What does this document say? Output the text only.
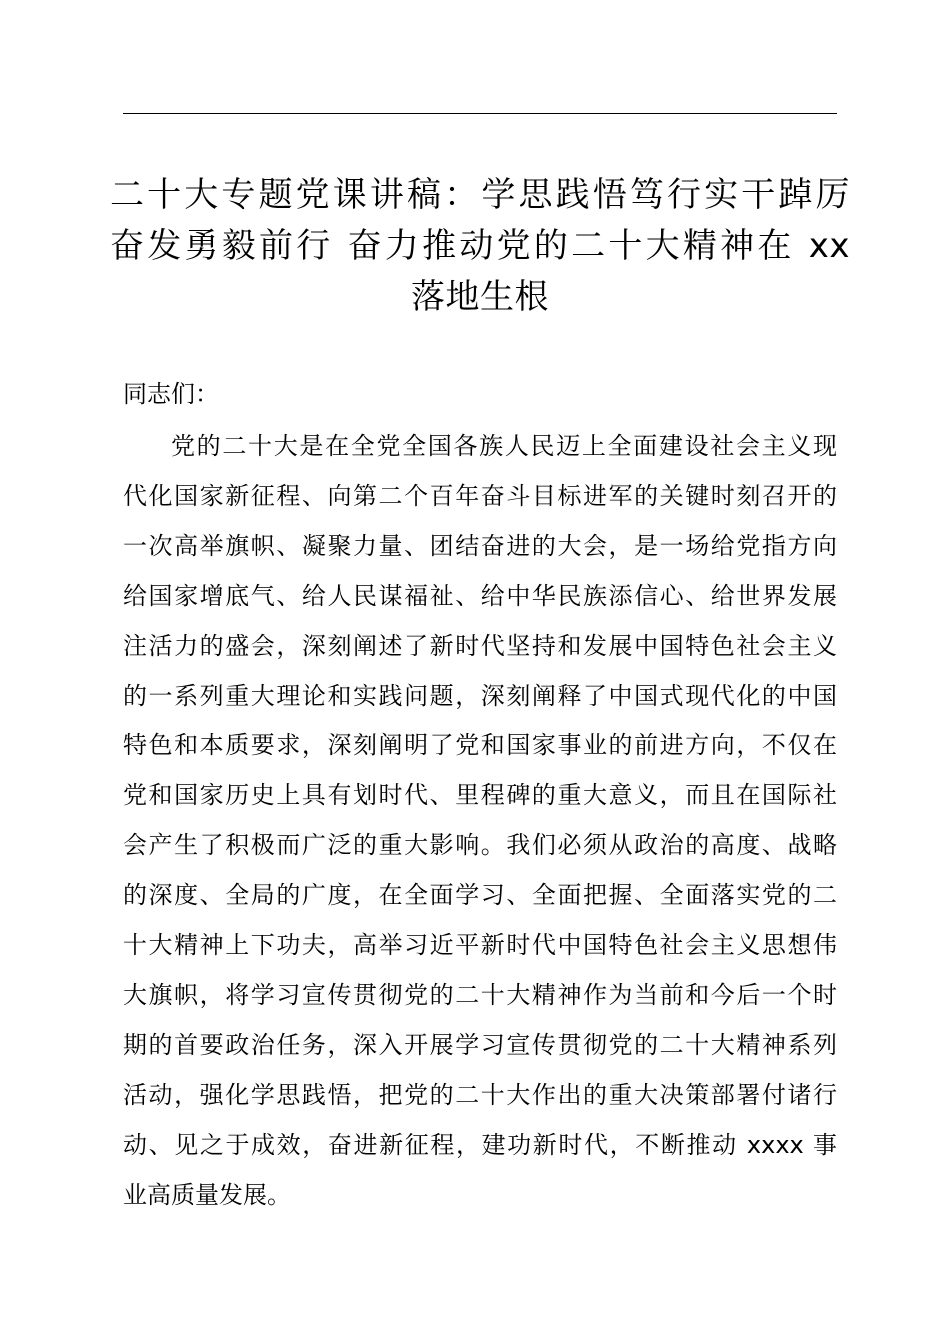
二十大专题党课讲稿：学思践悟笃行实干踔厉
奋发勇毅前行 奋力推动党的二十大精神在 xx
落地生根

同志们：

党的二十大是在全党全国各族人民迈上全面建设社会主义现
代化国家新征程、向第二个百年奋斗目标进军的关键时刻召开的
一次高举旗帜、凝聚力量、团结奋进的大会，是一场给党指方向
给国家增底气、给人民谋福祉、给中华民族添信心、给世界发展
注活力的盛会，深刻阐述了新时代坚持和发展中国特色社会主义
的一系列重大理论和实践问题，深刻阐释了中国式现代化的中国
特色和本质要求，深刻阐明了党和国家事业的前进方向，不仅在
党和国家历史上具有划时代、里程碑的重大意义，而且在国际社
会产生了积极而广泛的重大影响。我们必须从政治的高度、战略
的深度、全局的广度，在全面学习、全面把握、全面落实党的二
十大精神上下功夫，高举习近平新时代中国特色社会主义思想伟
大旗帜，将学习宣传贯彻党的二十大精神作为当前和今后一个时
期的首要政治任务，深入开展学习宣传贯彻党的二十大精神系列
活动，强化学思践悟，把党的二十大作出的重大决策部署付诸行
动、见之于成效，奋进新征程，建功新时代，不断推动 xxxx 事
业高质量发展。
